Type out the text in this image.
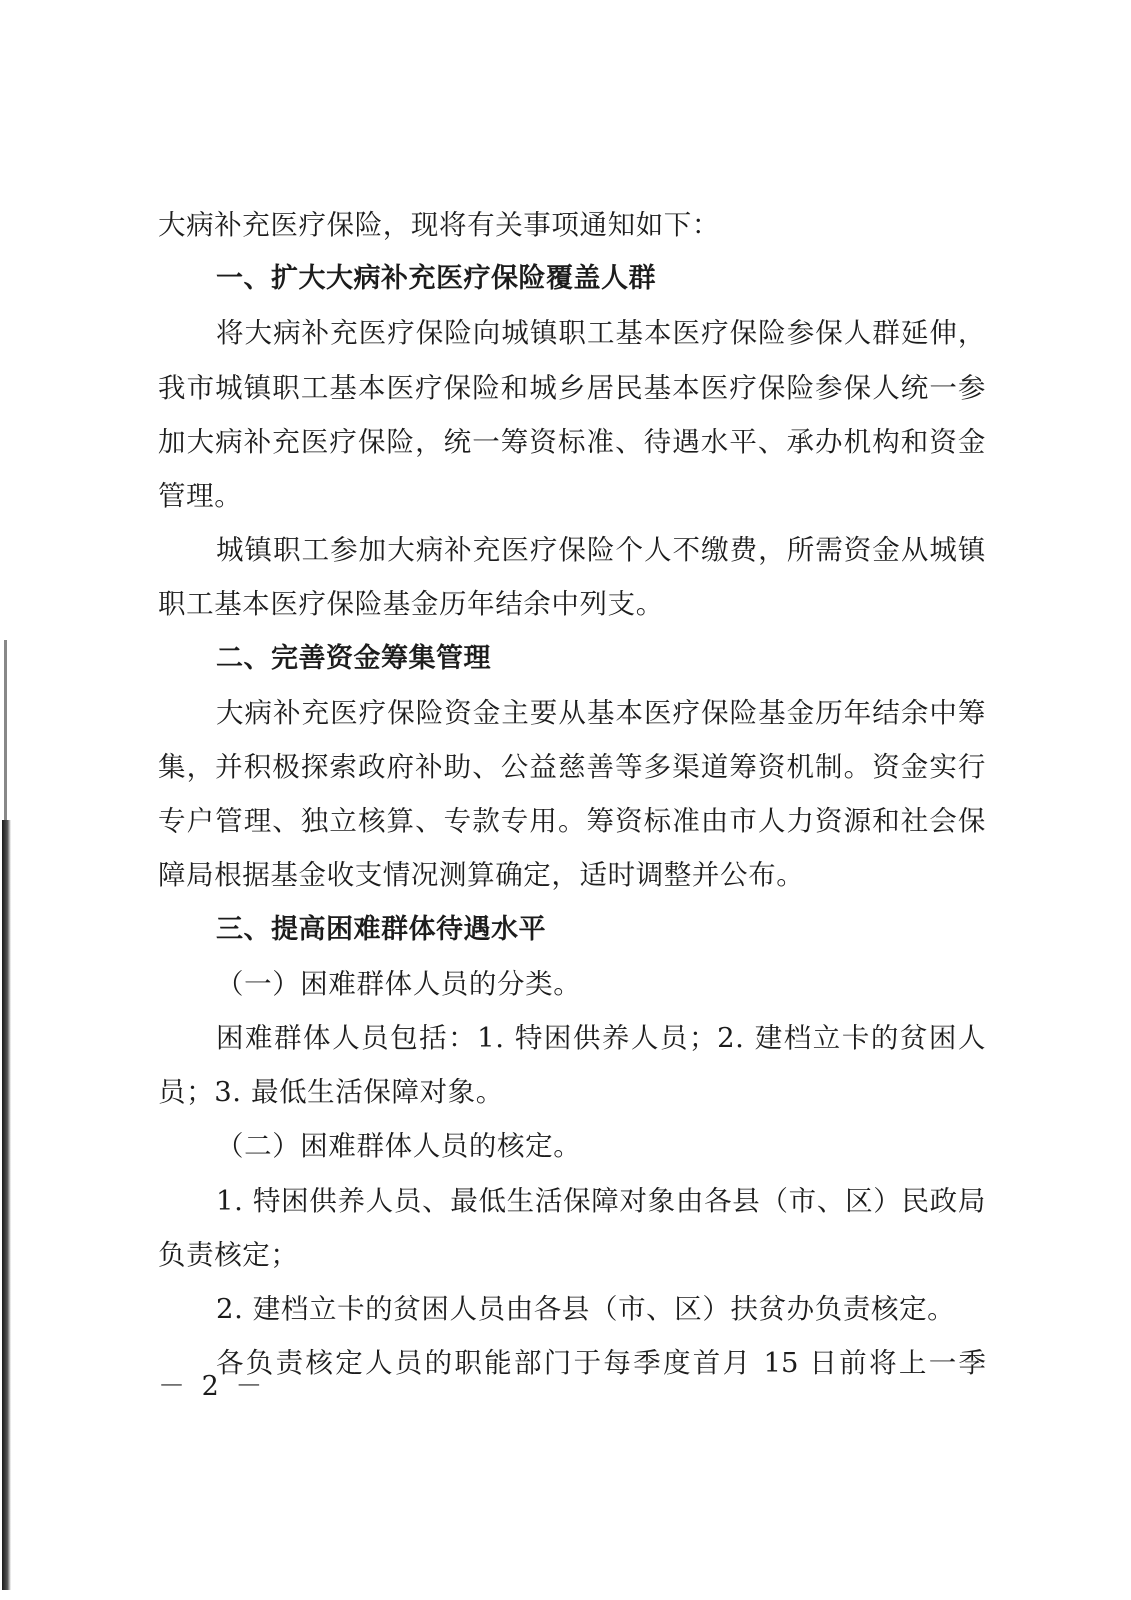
大病补充医疗保险，现将有关事项通知如下：

一、扩大大病补充医疗保险覆盖人群

将大病补充医疗保险向城镇职工基本医疗保险参保人群延伸，我市城镇职工基本医疗保险和城乡居民基本医疗保险参保人统一参加大病补充医疗保险，统一筹资标准、待遇水平、承办机构和资金管理。

城镇职工参加大病补充医疗保险个人不缴费，所需资金从城镇职工基本医疗保险基金历年结余中列支。

二、完善资金筹集管理

大病补充医疗保险资金主要从基本医疗保险基金历年结余中筹集，并积极探索政府补助、公益慈善等多渠道筹资机制。资金实行专户管理、独立核算、专款专用。筹资标准由市人力资源和社会保障局根据基金收支情况测算确定，适时调整并公布。

三、提高困难群体待遇水平

（一）困难群体人员的分类。

困难群体人员包括：1. 特困供养人员；2. 建档立卡的贫困人员；3. 最低生活保障对象。

（二）困难群体人员的核定。

1. 特困供养人员、最低生活保障对象由各县（市、区）民政局负责核定；

2. 建档立卡的贫困人员由各县（市、区）扶贫办负责核定。

各负责核定人员的职能部门于每季度首月 15 日前将上一季

－ 2 －
